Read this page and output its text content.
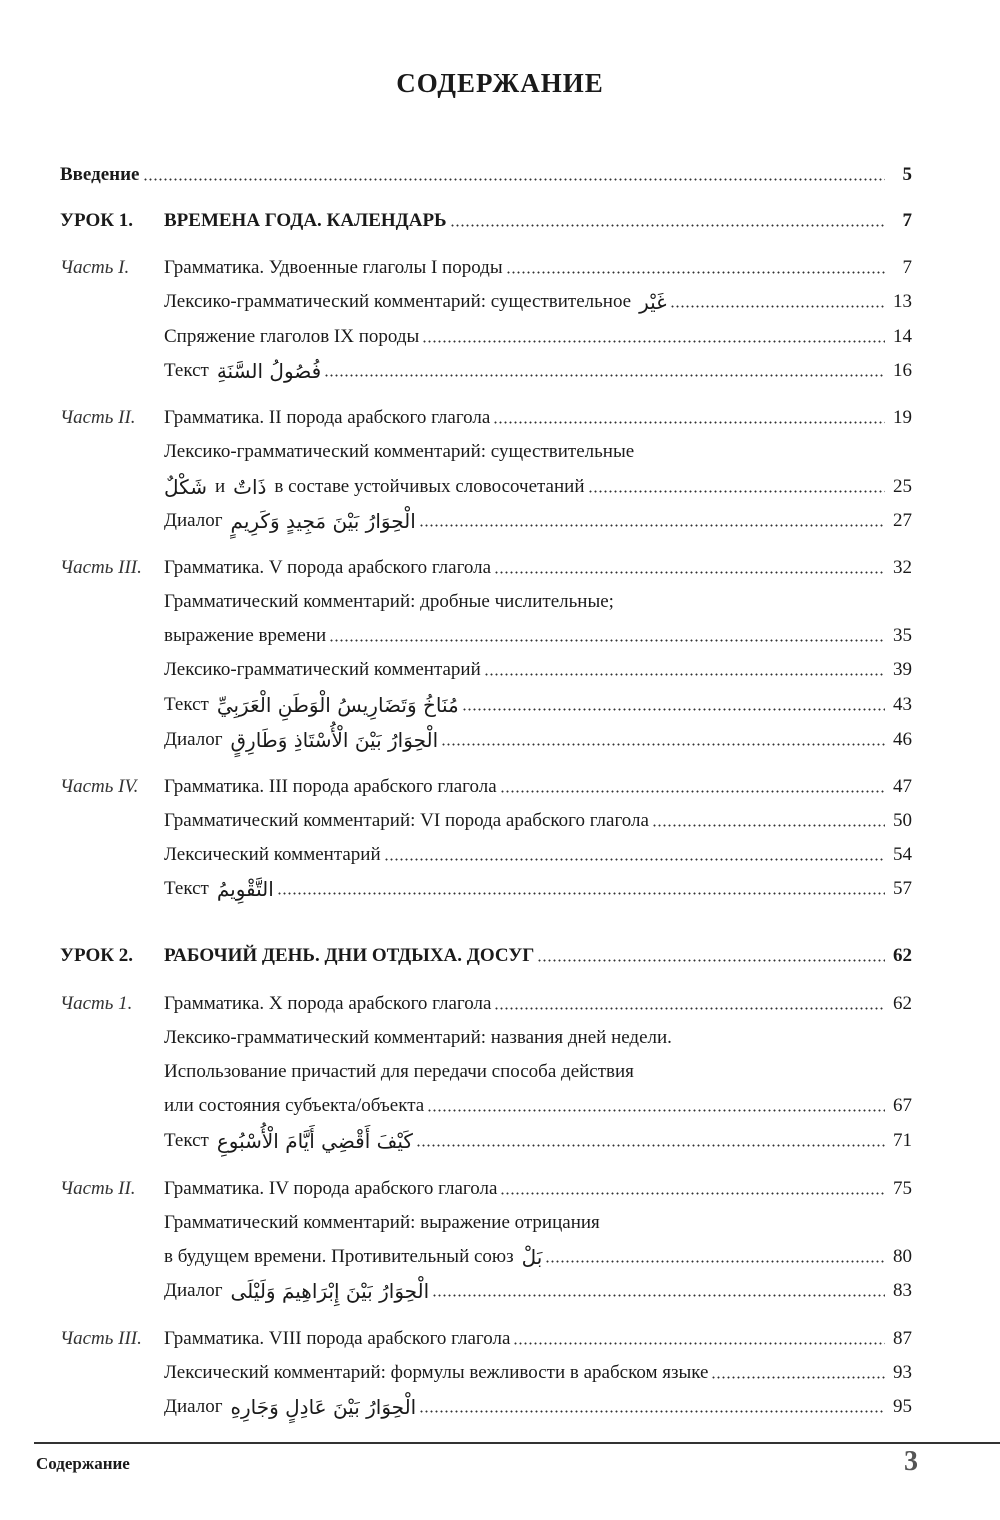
СОДЕРЖАНИЕ
Введение	5
УРОК 1.	ВРЕМЕНА ГОДА. КАЛЕНДАРЬ	7
Часть I.	Грамматика. Удвоенные глаголы I породы	7
Лексико-грамматический комментарий: существительное غَيْر	13
Спряжение глаголов IX породы	14
Текст فُصُولُ السَّنَةِ	16
Часть II.	Грамматика. II порода арабского глагола	19
Лексико-грамматический комментарий: существительные
شَكْلٌ и ذَاتٌ в составе устойчивых словосочетаний	25
Диалог الْحِوَارُ بَيْنَ مَجِيدٍ وَكَرِيمٍ	27
Часть III.	Грамматика. V порода арабского глагола	32
Грамматический комментарий: дробные числительные;
выражение времени	35
Лексико-грамматический комментарий	39
Текст مُنَاخُ وَتَضَارِيسُ الْوَطَنِ الْعَرَبِيِّ	43
Диалог الْحِوَارُ بَيْنَ الْأُسْتَاذِ وَطَارِقٍ	46
Часть IV.	Грамматика. III порода арабского глагола	47
Грамматический комментарий: VI порода арабского глагола	50
Лексический комментарий	54
Текст التَّقْوِيمُ	57
УРОК 2.	РАБОЧИЙ ДЕНЬ. ДНИ ОТДЫХА. ДОСУГ	62
Часть 1.	Грамматика. X порода арабского глагола	62
Лексико-грамматический комментарий: названия дней недели.
Использование причастий для передачи способа действия
или состояния субъекта/объекта	67
Текст كَيْفَ أَقْضِي أَيَّامَ الْأُسْبُوعِ	71
Часть II.	Грамматика. IV порода арабского глагола	75
Грамматический комментарий: выражение отрицания
в будущем времени. Противительный союз بَلْ	80
Диалог الْحِوَارُ بَيْنَ إِبْرَاهِيمَ وَلَيْلَى	83
Часть III.	Грамматика. VIII порода арабского глагола	87
Лексический комментарий: формулы вежливости в арабском языке	93
Диалог الْحِوَارُ بَيْنَ عَادِلٍ وَجَارِهِ	95
Содержание	3
